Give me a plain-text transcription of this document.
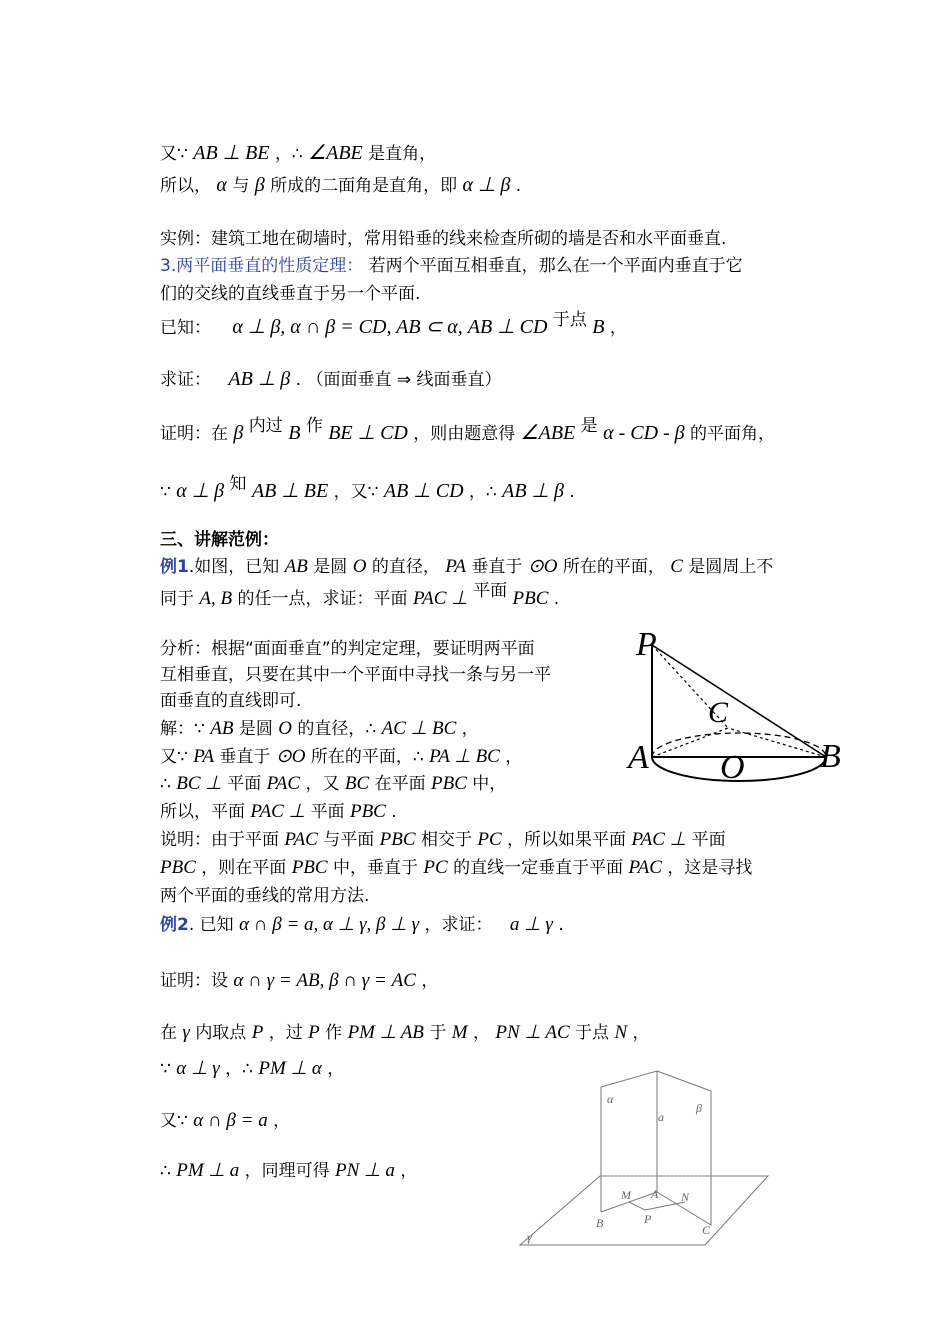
又∵ AB ⊥ BE ，∴ ∠ABE 是直角，
所以， α 与 β 所成的二面角是直角，即 α ⊥ β .
实例：建筑工地在砌墙时，常用铅垂的线来检查所砌的墙是否和水平面垂直.
3.两平面垂直的性质定理： 若两个平面互相垂直，那么在一个平面内垂直于它
们的交线的直线垂直于另一个平面.
已知： α ⊥ β, α ∩ β = CD, AB ⊂ α, AB ⊥ CD 于点 B ，
求证： AB ⊥ β . （面面垂直 ⇒ 线面垂直）
证明：在 β 内过 B 作 BE ⊥ CD ，则由题意得 ∠ABE 是 α - CD - β 的平面角，
∵ α ⊥ β 知 AB ⊥ BE ，又∵ AB ⊥ CD ，∴ AB ⊥ β .
三、讲解范例：
例1.如图，已知 AB 是圆 O 的直径， PA 垂直于 ⊙O 所在的平面， C 是圆周上不
同于 A, B 的任一点，求证：平面 PAC ⊥ 平面 PBC .
分析：根据“面面垂直”的判定定理，要证明两平面
互相垂直，只要在其中一个平面中寻找一条与另一平
面垂直的直线即可.
解：∵ AB 是圆 O 的直径，∴ AC ⊥ BC ，
又∵ PA 垂直于 ⊙O 所在的平面，∴ PA ⊥ BC ，
∴ BC ⊥ 平面 PAC ，又 BC 在平面 PBC 中，
所以，平面 PAC ⊥ 平面 PBC .
说明：由于平面 PAC 与平面 PBC 相交于 PC ，所以如果平面 PAC ⊥ 平面
PBC ，则在平面 PBC 中，垂直于 PC 的直线一定垂直于平面 PAC ，这是寻找
两个平面的垂线的常用方法.
例2. 已知 α ∩ β = a, α ⊥ γ, β ⊥ γ ，求证： a ⊥ γ .
证明：设 α ∩ γ = AB, β ∩ γ = AC ，
在 γ 内取点 P ，过 P 作 PM ⊥ AB 于 M ， PN ⊥ AC 于点 N ，
∵ α ⊥ γ ，∴ PM ⊥ α ，
又∵ α ∩ β = a ，
∴ PM ⊥ a ，同理可得 PN ⊥ a ，
P
C
A O B
α
a
β
M A N
B	P
C
γ
